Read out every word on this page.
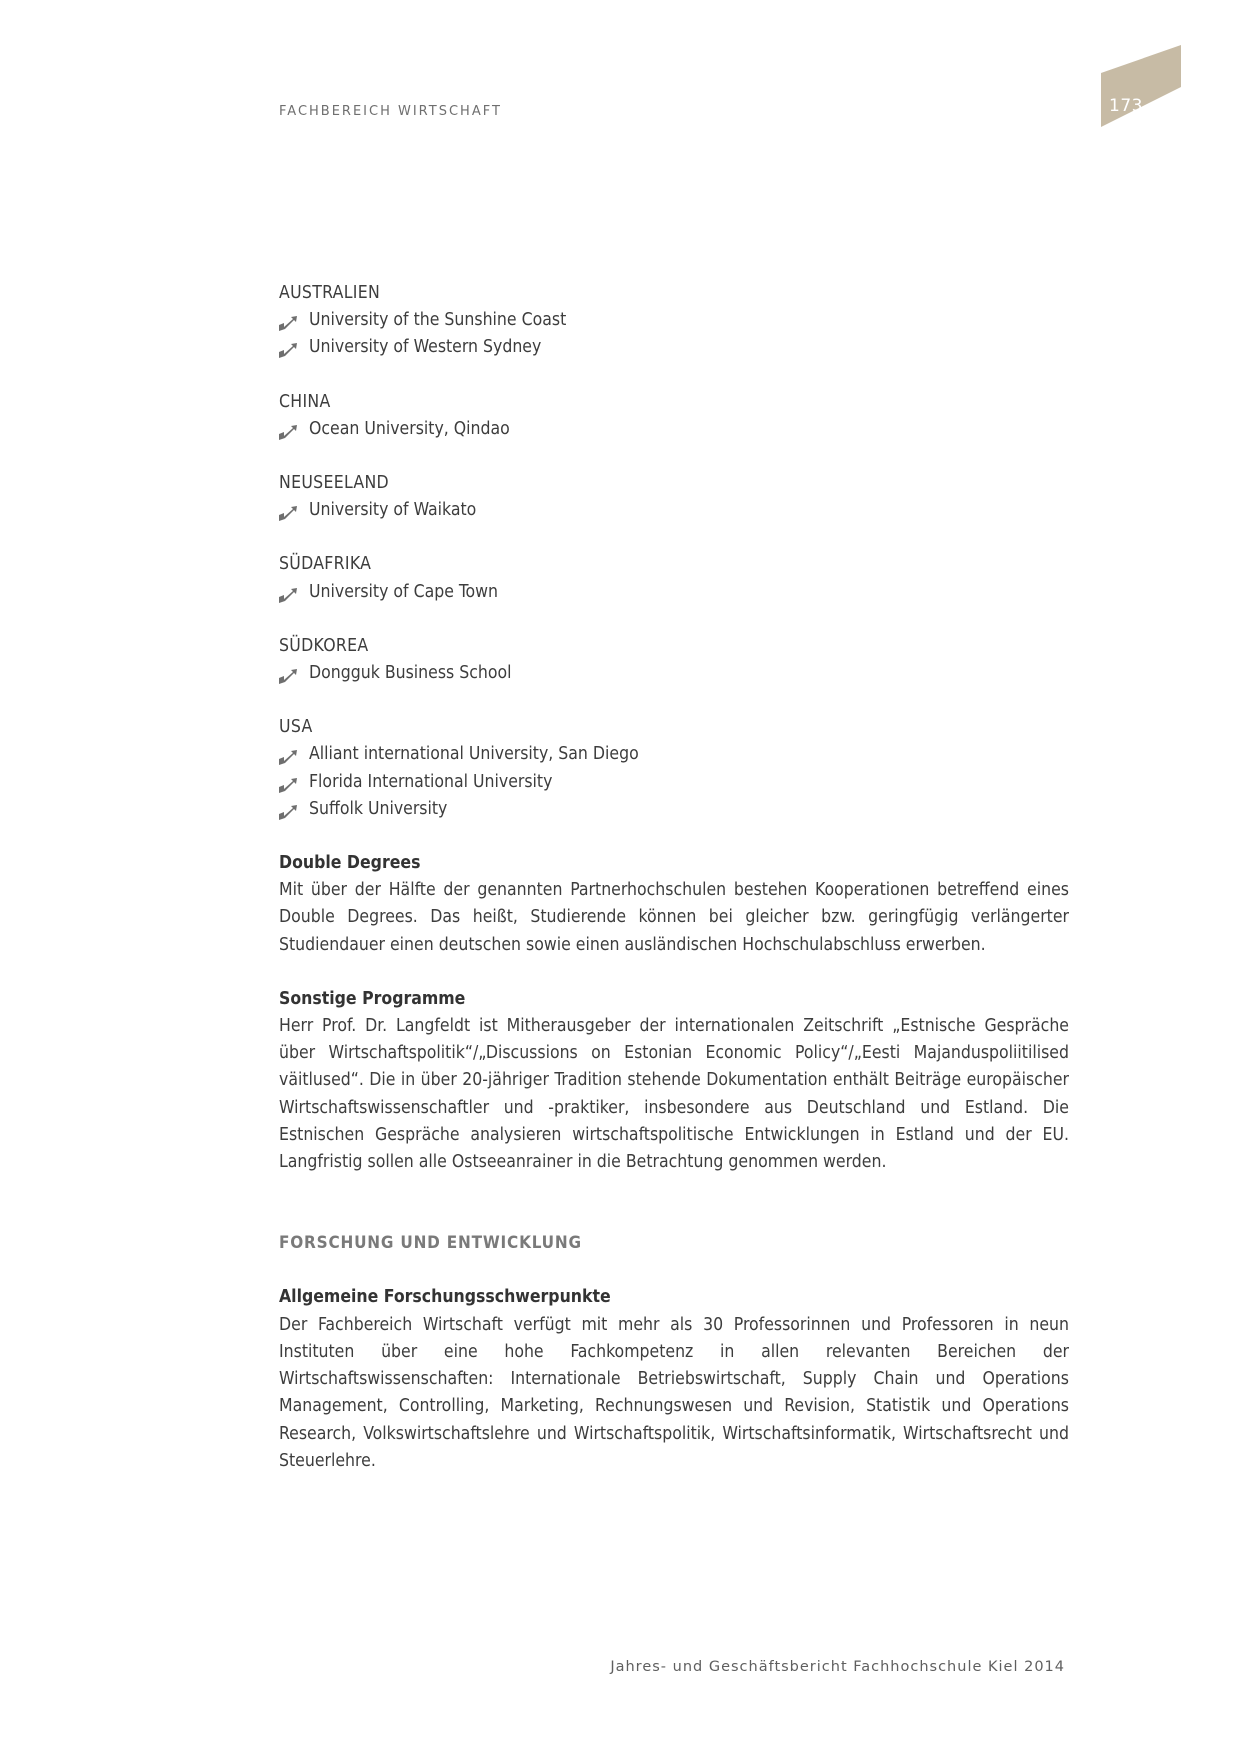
FACHBEREICH WIRTSCHAFT	173

AUSTRALIEN

University of the Sunshine Coast
University of Western Sydney

CHINA

Ocean University, Qindao

NEUSEELAND

University of Waikato

SÜDAFRIKA

University of Cape Town

SÜDKOREA

Dongguk Business School

USA

Alliant international University, San Diego
Florida International University
Suffolk University

Double Degrees

Mit über der Hälfte der genannten Partnerhochschulen bestehen Kooperationen betreffend eines Double Degrees. Das heißt, Studierende können bei gleicher bzw. geringfügig verlängerter Studiendauer einen deutschen sowie einen ausländischen Hochschulabschluss erwerben.

Sonstige Programme

Herr Prof. Dr. Langfeldt ist Mitherausgeber der internationalen Zeitschrift „Estnische Gespräche über Wirtschaftspolitik“/„Discussions on Estonian Economic Policy“/„Eesti Majanduspoliitilised väitlused“. Die in über 20-jähriger Tradition stehende Dokumentation enthält Beiträge europäischer Wirtschaftswissenschaftler und -praktiker, insbesondere aus Deutschland und Estland. Die Estnischen Gespräche analysieren wirtschaftspolitische Entwicklungen in Estland und der EU. Langfristig sollen alle Ostseeanrainer in die Betrachtung genommen werden.

FORSCHUNG UND ENTWICKLUNG

Allgemeine Forschungsschwerpunkte

Der Fachbereich Wirtschaft verfügt mit mehr als 30 Professorinnen und Professoren in neun Instituten über eine hohe Fachkompetenz in allen relevanten Bereichen der Wirtschaftswissenschaften: Internationale Betriebswirtschaft, Supply Chain und Operations Management, Controlling, Marketing, Rechnungswesen und Revision, Statistik und Operations Research, Volkswirtschaftslehre und Wirtschaftspolitik, Wirtschaftsinformatik, Wirtschaftsrecht und Steuerlehre.

Jahres- und Geschäftsbericht Fachhochschule Kiel 2014
